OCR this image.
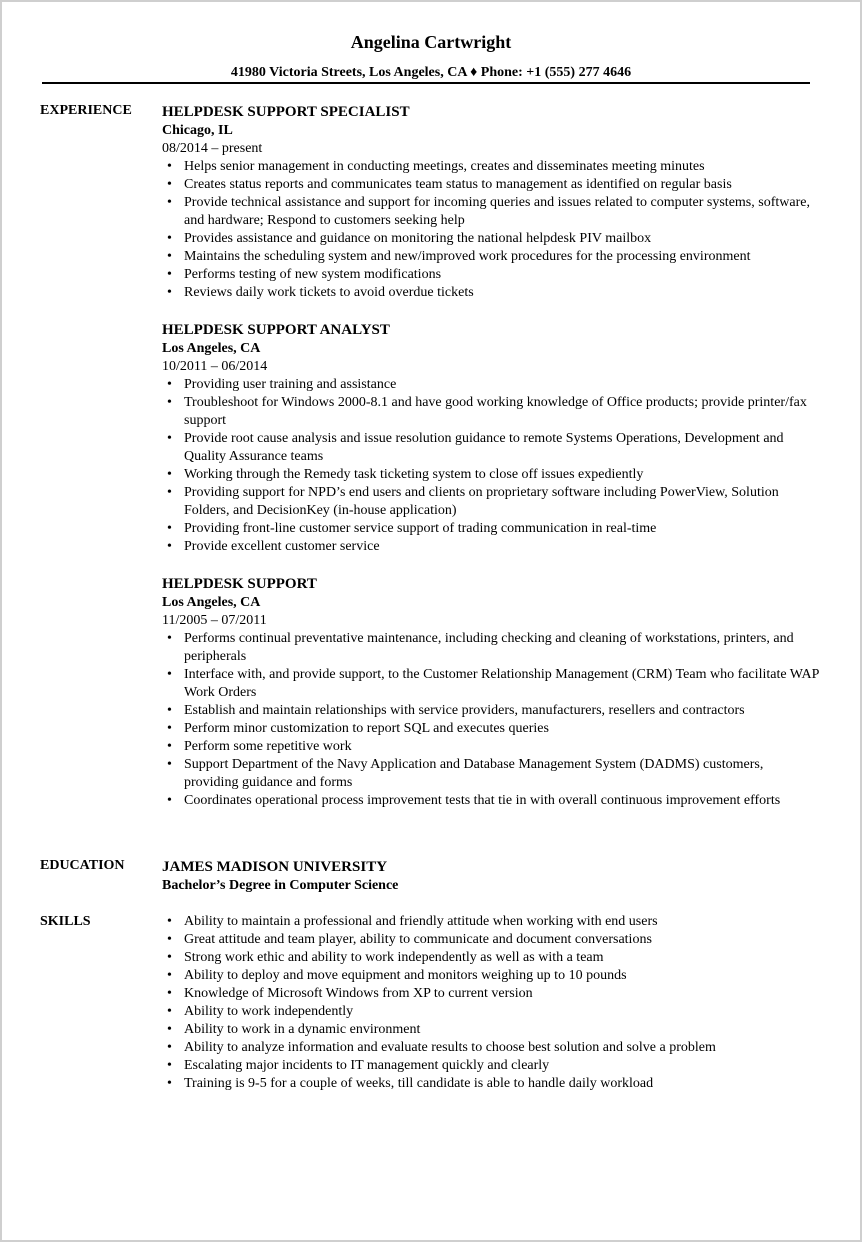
Angelina Cartwright
41980 Victoria Streets, Los Angeles, CA ♦ Phone: +1 (555) 277 4646
EXPERIENCE HELPDESK SUPPORT SPECIALIST
Chicago, IL
08/2014 – present
• Helps senior management in conducting meetings, creates and disseminates meeting minutes
• Creates status reports and communicates team status to management as identified on regular basis
• Provide technical assistance and support for incoming queries and issues related to computer systems, software, and hardware; Respond to customers seeking help
• Provides assistance and guidance on monitoring the national helpdesk PIV mailbox
• Maintains the scheduling system and new/improved work procedures for the processing environment
• Performs testing of new system modifications
• Reviews daily work tickets to avoid overdue tickets
HELPDESK SUPPORT ANALYST
Los Angeles, CA
10/2011 – 06/2014
• Providing user training and assistance
• Troubleshoot for Windows 2000-8.1 and have good working knowledge of Office products; provide printer/fax support
• Provide root cause analysis and issue resolution guidance to remote Systems Operations, Development and Quality Assurance teams
• Working through the Remedy task ticketing system to close off issues expediently
• Providing support for NPD’s end users and clients on proprietary software including PowerView, Solution Folders, and DecisionKey (in-house application)
• Providing front-line customer service support of trading communication in real-time
• Provide excellent customer service
HELPDESK SUPPORT
Los Angeles, CA
11/2005 – 07/2011
• Performs continual preventative maintenance, including checking and cleaning of workstations, printers, and peripherals
• Interface with, and provide support, to the Customer Relationship Management (CRM) Team who facilitate WAP Work Orders
• Establish and maintain relationships with service providers, manufacturers, resellers and contractors
• Perform minor customization to report SQL and executes queries
• Perform some repetitive work
• Support Department of the Navy Application and Database Management System (DADMS) customers, providing guidance and forms
• Coordinates operational process improvement tests that tie in with overall continuous improvement efforts
EDUCATION JAMES MADISON UNIVERSITY
Bachelor’s Degree in Computer Science
SKILLS
•	Ability to maintain a professional and friendly attitude when working with end users
• Great attitude and team player, ability to communicate and document conversations
• Strong work ethic and ability to work independently as well as with a team
• Ability to deploy and move equipment and monitors weighing up to 10 pounds
• Knowledge of Microsoft Windows from XP to current version
• Ability to work independently
• Ability to work in a dynamic environment
• Ability to analyze information and evaluate results to choose best solution and solve a problem
• Escalating major incidents to IT management quickly and clearly
• Training is 9-5 for a couple of weeks, till candidate is able to handle daily workload
